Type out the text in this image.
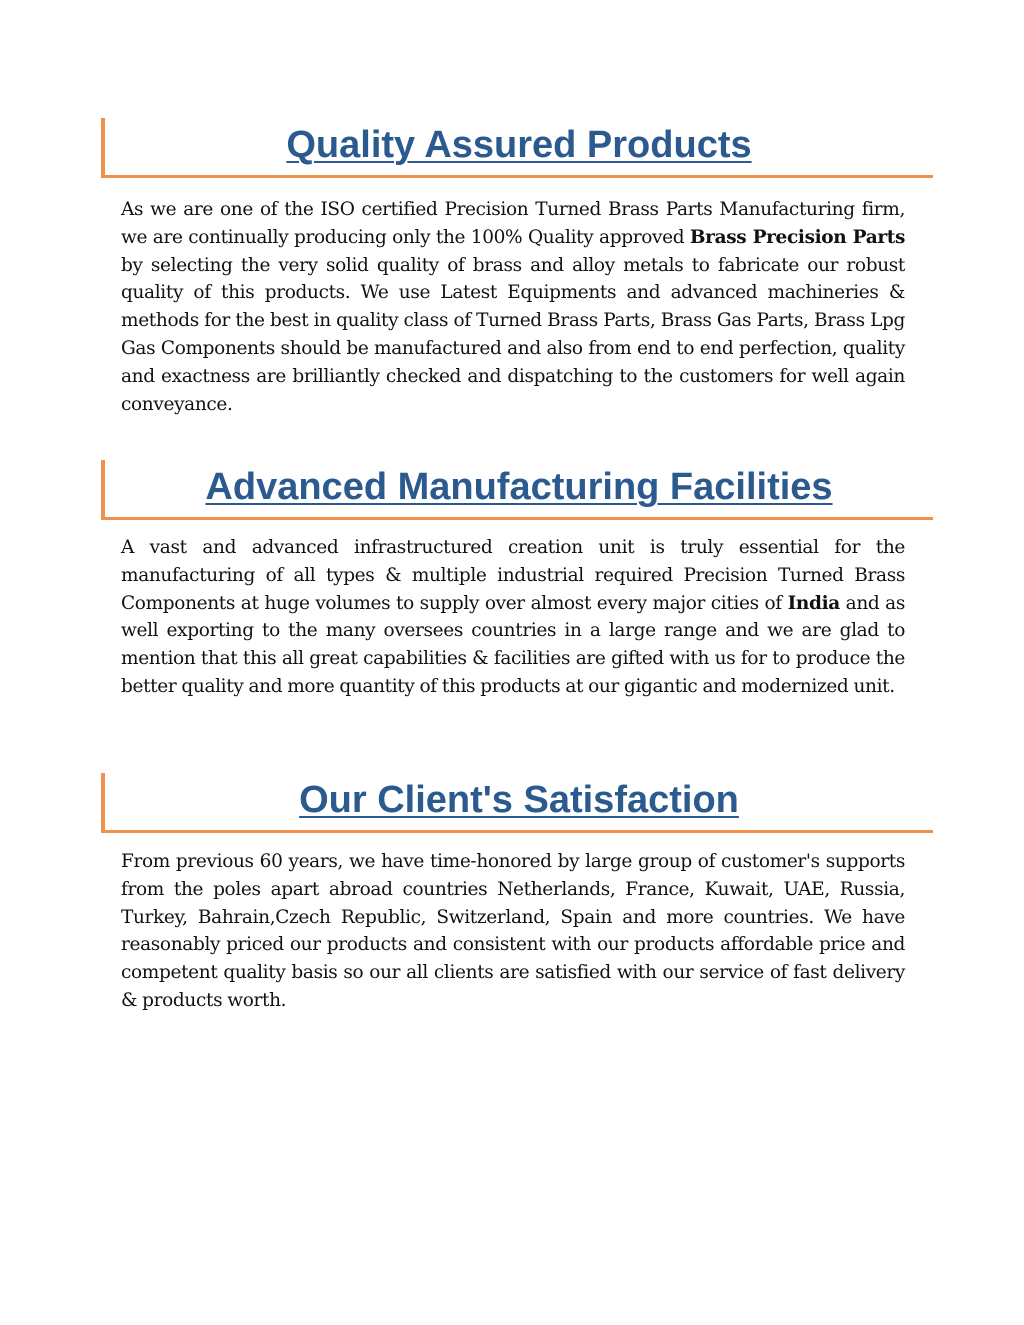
Quality Assured Products

As we are one of the ISO certified Precision Turned Brass Parts Manufacturing firm, we are continually producing only the 100% Quality approved Brass Precision Parts by selecting the very solid quality of brass and alloy metals to fabricate our robust quality of this products. We use Latest Equipments and advanced machineries & methods for the best in quality class of Turned Brass Parts, Brass Gas Parts, Brass Lpg Gas Components should be manufactured and also from end to end perfection, quality and exactness are brilliantly checked and dispatching to the customers for well again conveyance.

Advanced Manufacturing Facilities

A vast and advanced infrastructured creation unit is truly essential for the manufacturing of all types & multiple industrial required Precision Turned Brass Components at huge volumes to supply over almost every major cities of India and as well exporting to the many oversees countries in a large range and we are glad to mention that this all great capabilities & facilities are gifted with us for to produce the better quality and more quantity of this products at our gigantic and modernized unit.

Our Client's Satisfaction

From previous 60 years, we have time-honored by large group of customer's supports from the poles apart abroad countries Netherlands, France, Kuwait, UAE, Russia, Turkey, Bahrain,Czech Republic, Switzerland, Spain and more countries. We have reasonably priced our products and consistent with our products affordable price and competent quality basis so our all clients are satisfied with our service of fast delivery & products worth.
